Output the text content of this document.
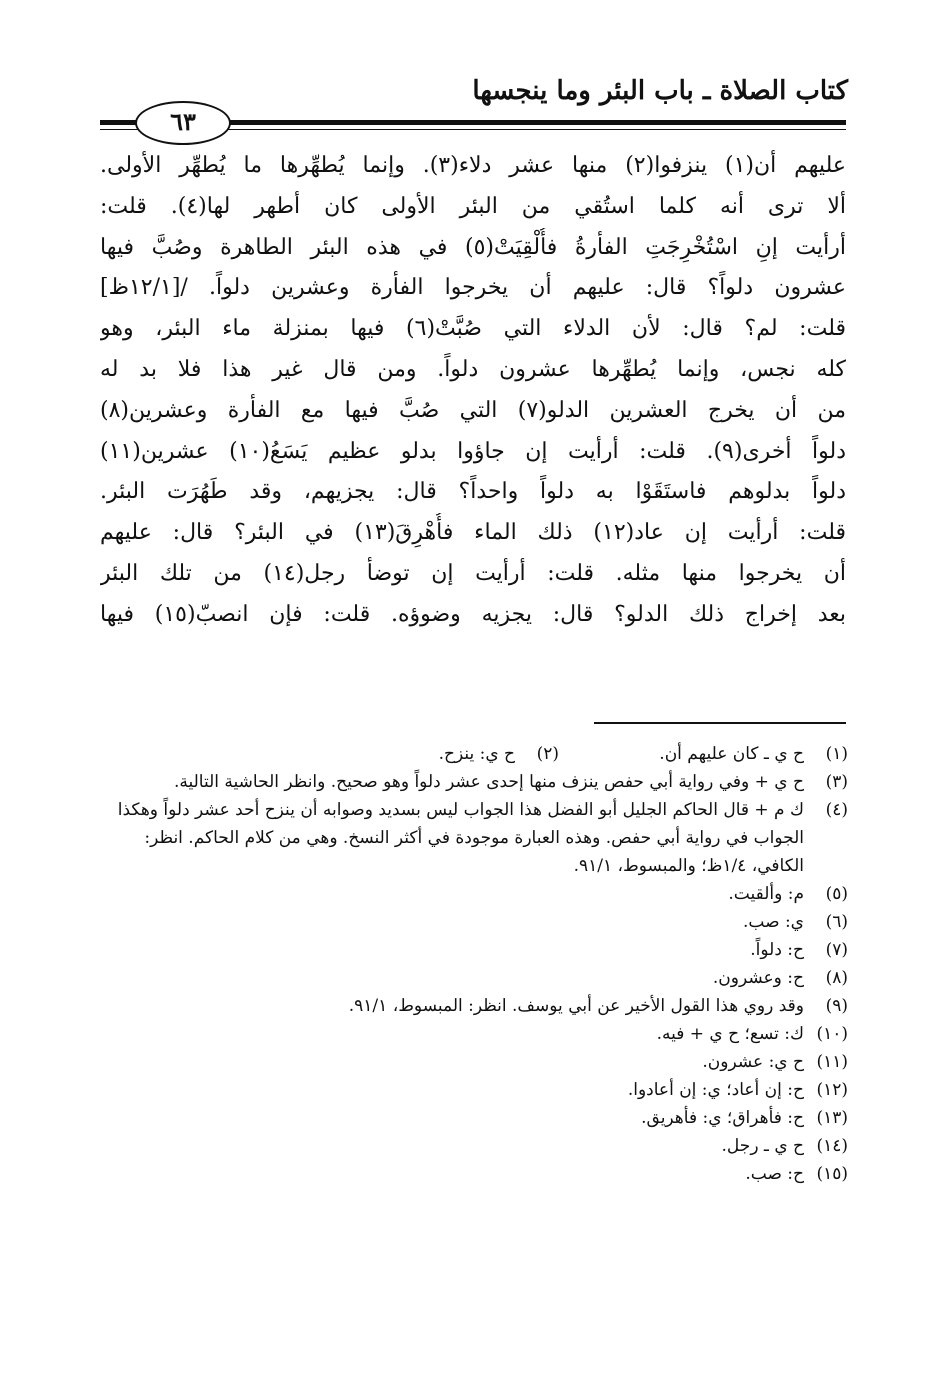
كتاب الصلاة ـ باب البئر وما ينجسها
٦٣
عليهم أن(١) ينزفوا(٢) منها عشر دلاء(٣). وإنما يُطهِّرها ما يُطهِّر الأولى.
ألا ترى أنه كلما استُقي من البئر الأولى كان أطهر لها(٤). قلت:
أرأيت إنِ اسْتُخْرِجَتِ الفأرةُ فأُلْقِيَتْ(٥) في هذه البئر الطاهرة وصُبَّ فيها
عشرون دلواً؟ قال: عليهم أن يخرجوا الفأرة وعشرين دلواً. /[١٢/١ظ]
قلت: لم؟ قال: لأن الدلاء التي صُبَّتْ(٦) فيها بمنزلة ماء البئر، وهو
كله نجس، وإنما يُطهِّرها عشرون دلواً. ومن قال غير هذا فلا بد له
من أن يخرج العشرين الدلو(٧) التي صُبَّ فيها مع الفأرة وعشرين(٨)
دلواً أخرى(٩). قلت: أرأيت إن جاؤوا بدلو عظيم يَسَعُ(١٠) عشرين(١١)
دلواً بدلوهم فاستَقَوْا به دلواً واحداً؟ قال: يجزيهم، وقد طَهُرَت البئر.
قلت: أرأيت إن عاد(١٢) ذلك الماء فأُهْرِقَ(١٣) في البئر؟ قال: عليهم
أن يخرجوا منها مثله. قلت: أرأيت إن توضأ رجل(١٤) من تلك البئر
بعد إخراج ذلك الدلو؟ قال: يجزيه وضوؤه. قلت: فإن انصبّ(١٥) فيها
(١)
ح ي ـ كان عليهم أن.
(٢)
ح ي: ينزح.
(٣)
ح ي + وفي رواية أبي حفص ينزف منها إحدى عشر دلواً وهو صحيح. وانظر الحاشية التالية.
(٤)
ك م + قال الحاكم الجليل أبو الفضل هذا الجواب ليس بسديد وصوابه أن ينزح أحد عشر دلواً وهكذا الجواب في رواية أبي حفص. وهذه العبارة موجودة في أكثر النسخ. وهي من كلام الحاكم. انظر: الكافي، ١/٤ظ؛ والمبسوط، ٩١/١.
(٥)
م: وألقيت.
(٦)
ي: صب.
(٧)
ح: دلواً.
(٨)
ح: وعشرون.
(٩)
وقد روي هذا القول الأخير عن أبي يوسف. انظر: المبسوط، ٩١/١.
(١٠)
ك: تسع؛ ح ي + فيه.
(١١)
ح ي: عشرون.
(١٢)
ح: إن أعاد؛ ي: إن أعادوا.
(١٣)
ح: فأهراق؛ ي: فأهريق.
(١٤)
ح ي ـ رجل.
(١٥)
ح: صب.
